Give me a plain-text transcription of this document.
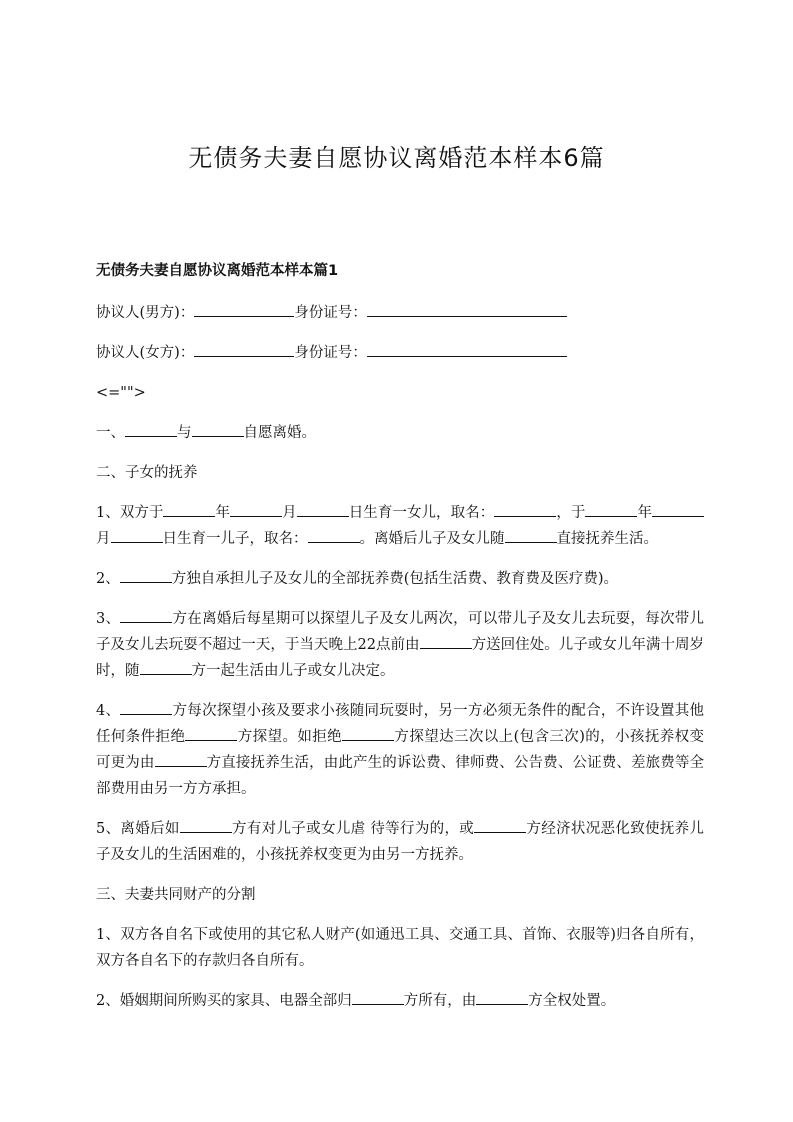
无债务夫妻自愿协议离婚范本样本6篇

无债务夫妻自愿协议离婚范本样本篇1

协议人(男方)：	身份证号：

协议人(女方)：	身份证号：

<="">

一、	与	自愿离婚。

二、子女的抚养

1、双方于	年	月	日生育一女儿，取名：	，于	年月	日生育一儿子，取名：	。离婚后儿子及女儿随	直接抚养生活。

2、	方独自承担儿子及女儿的全部抚养费(包括生活费、教育费及医疗费)。

3、	方在离婚后每星期可以探望儿子及女儿两次，可以带儿子及女儿去玩耍，每次带儿子及女儿去玩耍不超过一天，于当天晚上22点前由	方送回住处。儿子或女儿年满十周岁时，随	方一起生活由儿子或女儿决定。

4、	方每次探望小孩及要求小孩随同玩耍时，另一方必须无条件的配合，不许设置其他任何条件拒绝	方探望。如拒绝	方探望达三次以上(包含三次)的，小孩抚养权变可更为由	方直接抚养生活，由此产生的诉讼费、律师费、公告费、公证费、差旅费等全部费用由另一方方承担。

5、离婚后如	方有对儿子或女儿虐 待等行为的，或	方经济状况恶化致使抚养儿子及女儿的生活困难的，小孩抚养权变更为由另一方抚养。

三、夫妻共同财产的分割

1、双方各自名下或使用的其它私人财产(如通迅工具、交通工具、首饰、衣服等)归各自所有，双方各自名下的存款归各自所有。

2、婚姻期间所购买的家具、电器全部归	方所有，由	方全权处置。
